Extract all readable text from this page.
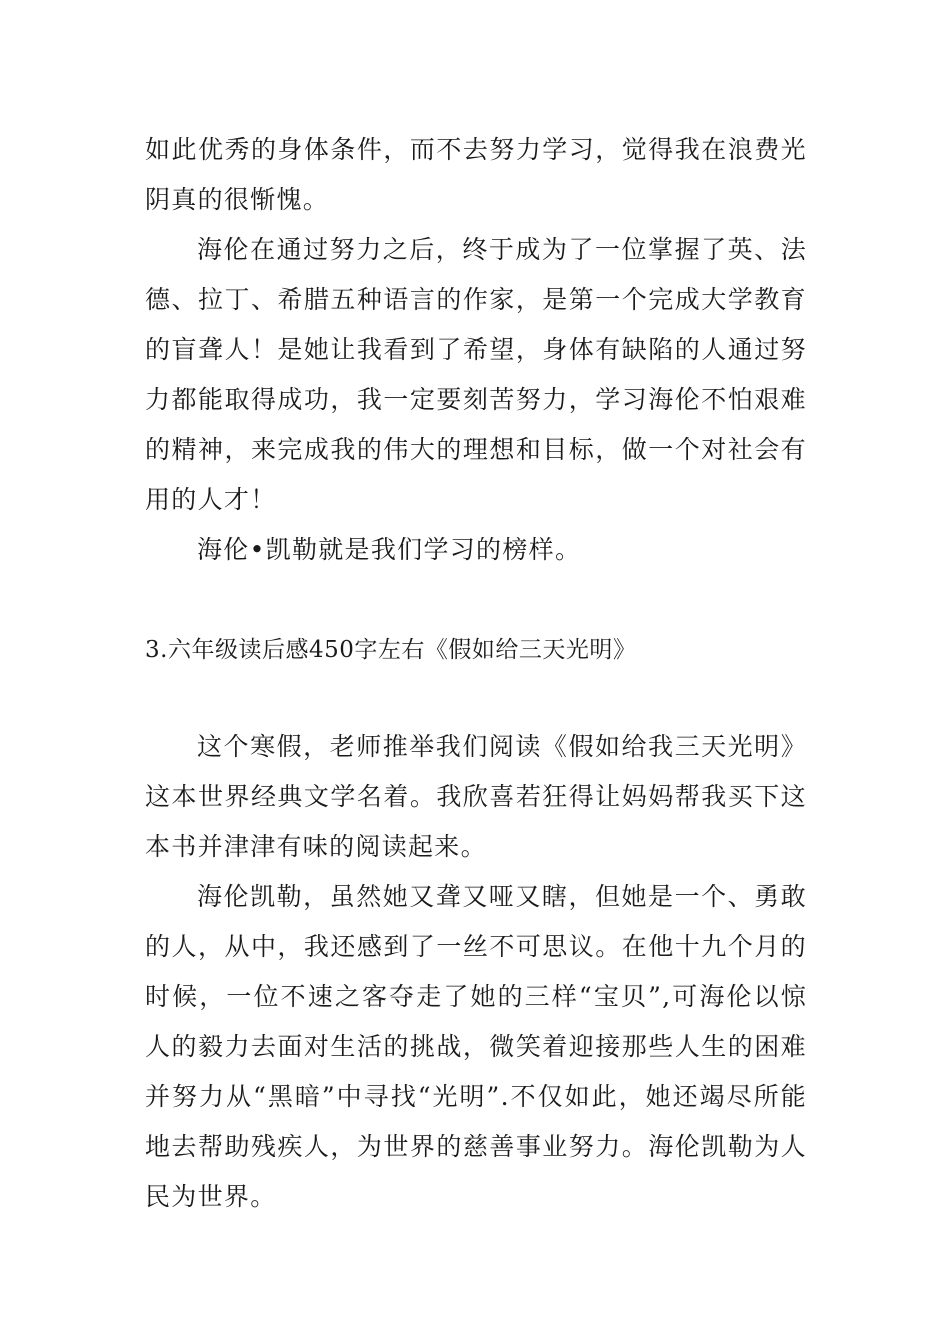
如此优秀的身体条件，而不去努力学习，觉得我在浪费光阴真的很惭愧。

海伦在通过努力之后，终于成为了一位掌握了英、法德、拉丁、希腊五种语言的作家，是第一个完成大学教育的盲聋人！是她让我看到了希望，身体有缺陷的人通过努力都能取得成功，我一定要刻苦努力，学习海伦不怕艰难的精神，来完成我的伟大的理想和目标，做一个对社会有用的人才！

海伦•凯勒就是我们学习的榜样。

3.六年级读后感450字左右《假如给三天光明》

这个寒假，老师推举我们阅读《假如给我三天光明》这本世界经典文学名着。我欣喜若狂得让妈妈帮我买下这本书并津津有味的阅读起来。

海伦凯勒，虽然她又聋又哑又瞎，但她是一个、勇敢的人，从中，我还感到了一丝不可思议。在他十九个月的时候，一位不速之客夺走了她的三样“宝贝”,可海伦以惊人的毅力去面对生活的挑战，微笑着迎接那些人生的困难并努力从“黑暗”中寻找“光明”.不仅如此，她还竭尽所能地去帮助残疾人，为世界的慈善事业努力。海伦凯勒为人民为世界。
